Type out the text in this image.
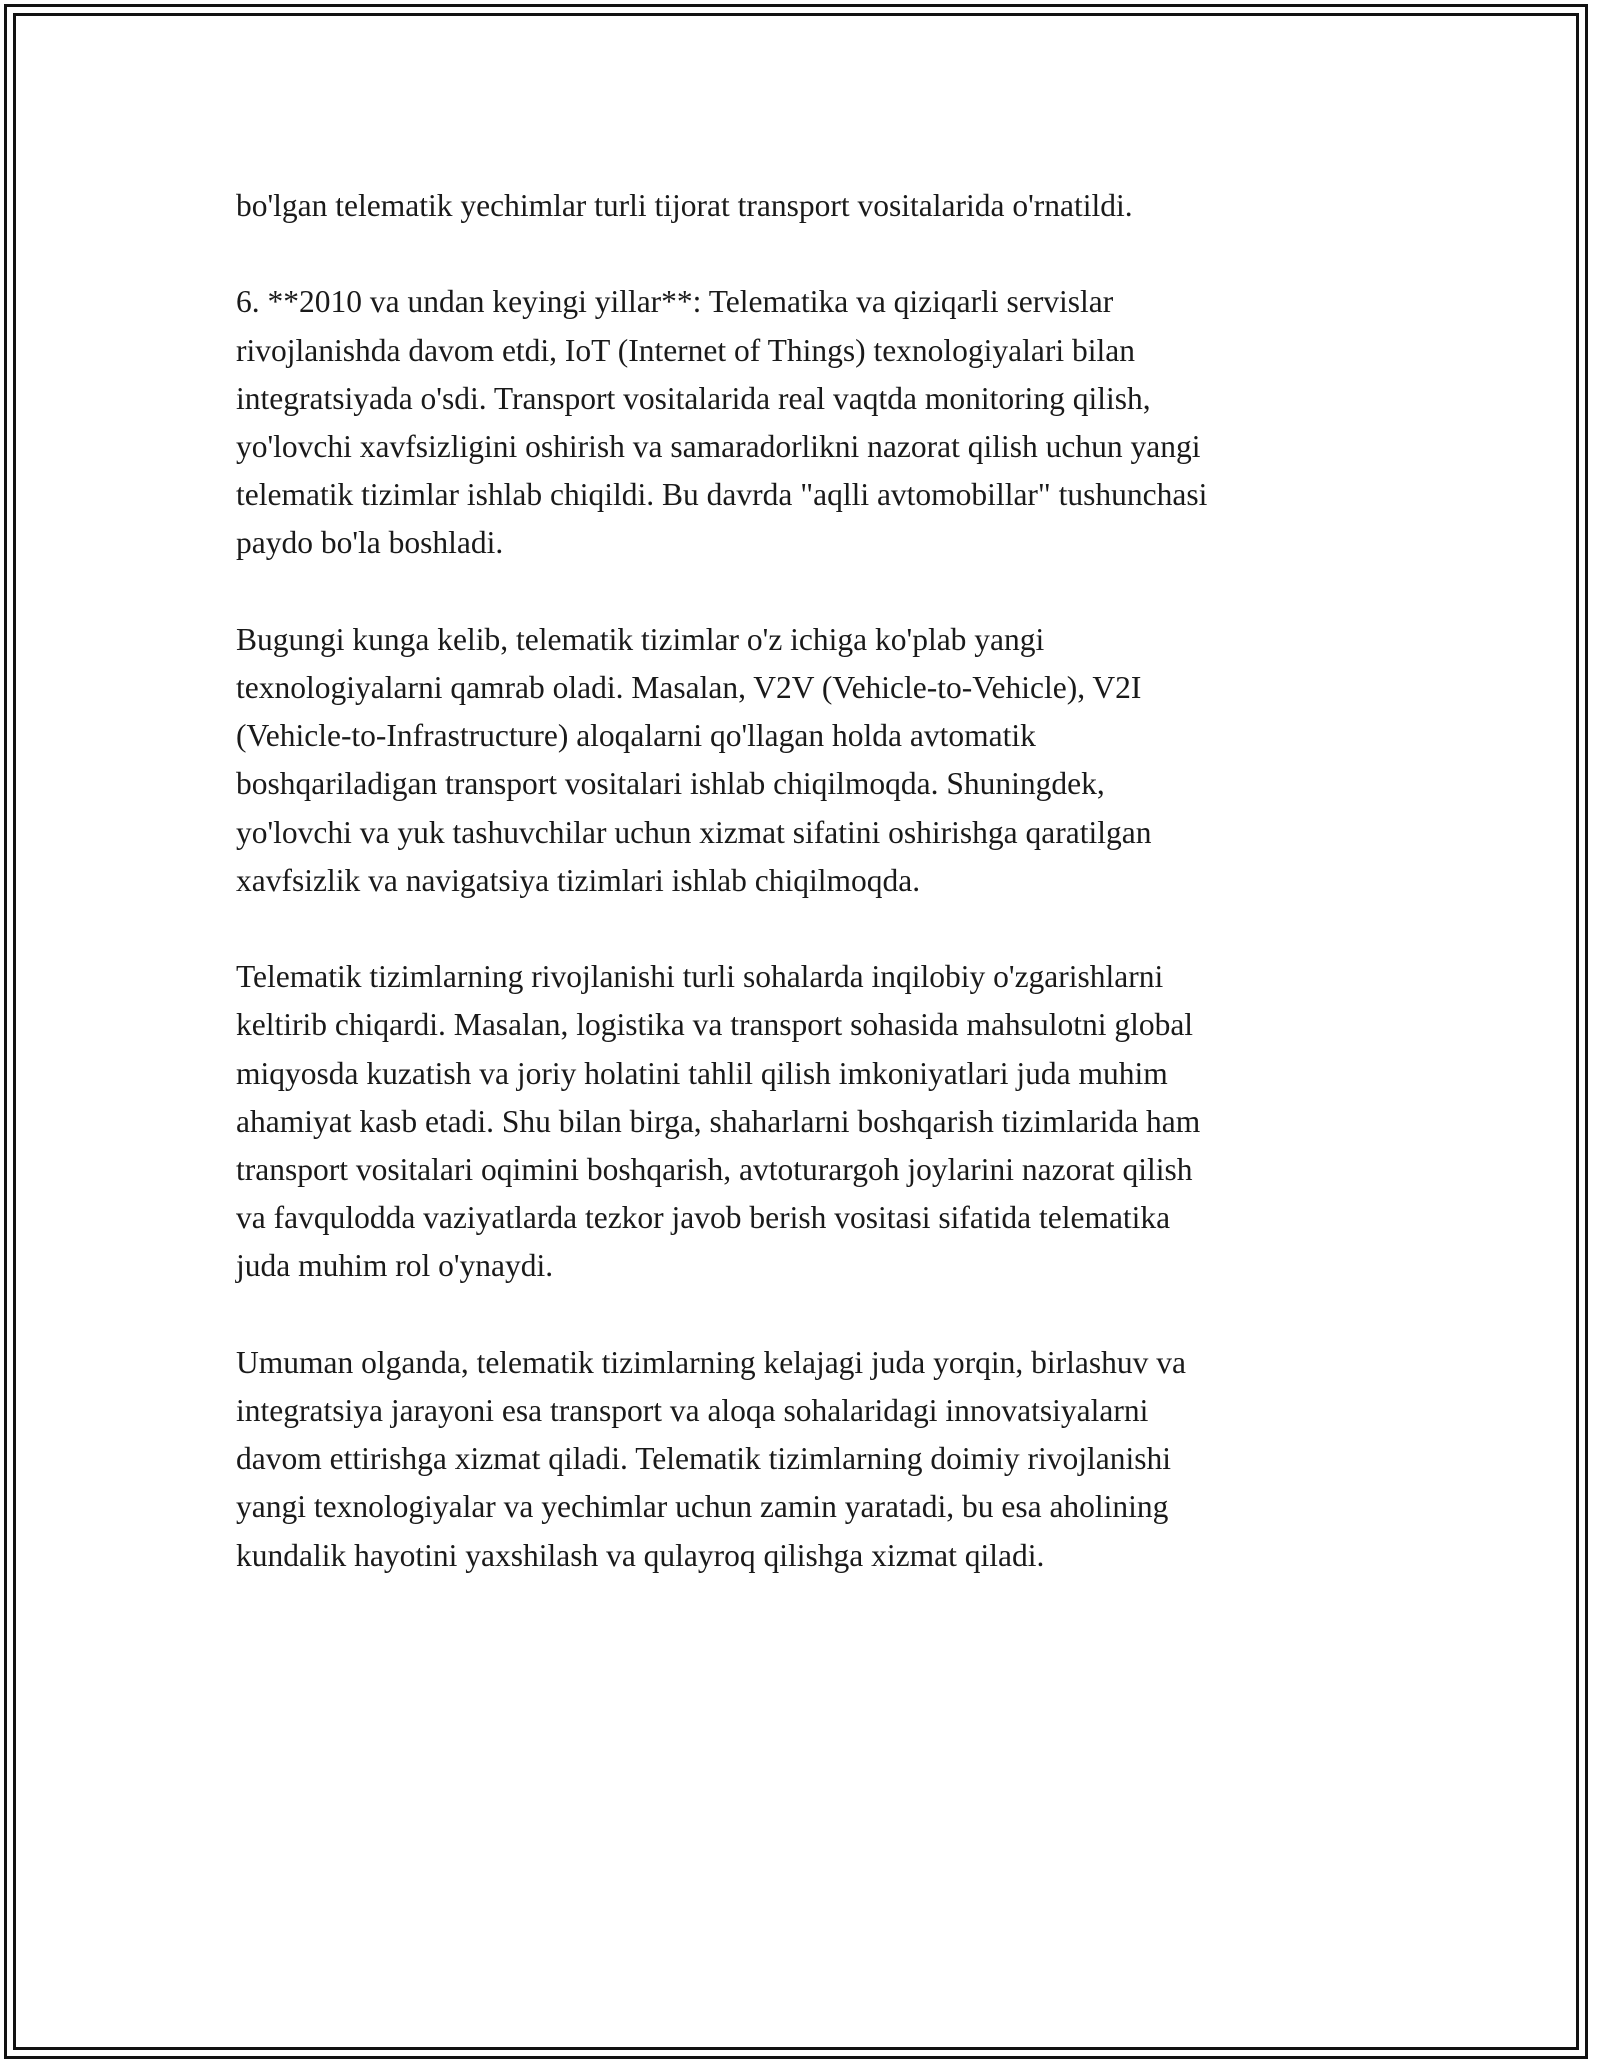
bo'lgan telematik yechimlar turli tijorat transport vositalarida o'rnatildi.

6. **2010 va undan keyingi yillar**: Telematika va qiziqarli servislar
rivojlanishda davom etdi, IoT (Internet of Things) texnologiyalari bilan
integratsiyada o'sdi. Transport vositalarida real vaqtda monitoring qilish,
yo'lovchi xavfsizligini oshirish va samaradorlikni nazorat qilish uchun yangi
telematik tizimlar ishlab chiqildi. Bu davrda "aqlli avtomobillar" tushunchasi
paydo bo'la boshladi.

Bugungi kunga kelib, telematik tizimlar o'z ichiga ko'plab yangi
texnologiyalarni qamrab oladi. Masalan, V2V (Vehicle-to-Vehicle), V2I
(Vehicle-to-Infrastructure) aloqalarni qo'llagan holda avtomatik
boshqariladigan transport vositalari ishlab chiqilmoqda. Shuningdek,
yo'lovchi va yuk tashuvchilar uchun xizmat sifatini oshirishga qaratilgan
xavfsizlik va navigatsiya tizimlari ishlab chiqilmoqda.

Telematik tizimlarning rivojlanishi turli sohalarda inqilobiy o'zgarishlarni
keltirib chiqardi. Masalan, logistika va transport sohasida mahsulotni global
miqyosda kuzatish va joriy holatini tahlil qilish imkoniyatlari juda muhim
ahamiyat kasb etadi. Shu bilan birga, shaharlarni boshqarish tizimlarida ham
transport vositalari oqimini boshqarish, avtoturargoh joylarini nazorat qilish
va favqulodda vaziyatlarda tezkor javob berish vositasi sifatida telematika
juda muhim rol o'ynaydi.

Umuman olganda, telematik tizimlarning kelajagi juda yorqin, birlashuv va
integratsiya jarayoni esa transport va aloqa sohalaridagi innovatsiyalarni
davom ettirishga xizmat qiladi. Telematik tizimlarning doimiy rivojlanishi
yangi texnologiyalar va yechimlar uchun zamin yaratadi, bu esa aholining
kundalik hayotini yaxshilash va qulayroq qilishga xizmat qiladi.
